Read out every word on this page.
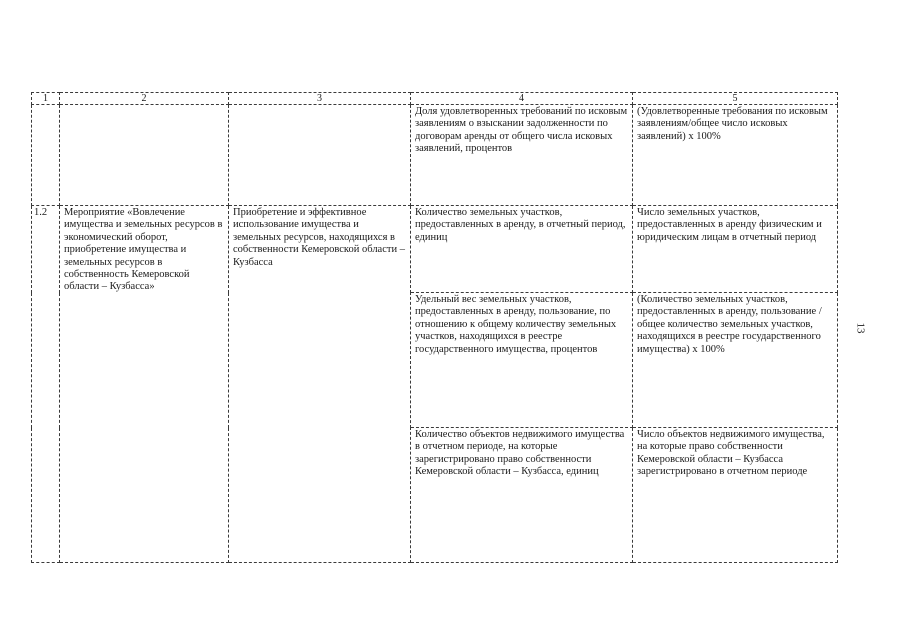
1	2	3	4	5
			Доля удовлетворенных требований по исковым заявлениям о взыскании задолженности по договорам аренды от общего числа исковых заявлений, процентов	(Удовлетворенные требования по исковым заявлениям/общее число исковых заявлений) х 100%
1.2	Мероприятие «Вовлечение имущества и земельных ресурсов в экономический оборот, приобретение имущества и земельных ресурсов в собственность Кемеровской области – Кузбасса»	Приобретение и эффективное использование имущества и земельных ресурсов, находящихся в собственности Кемеровской области – Кузбасса	Количество земельных участков, предоставленных в аренду, в отчетный период, единиц	Число земельных участков, предоставленных в аренду физическим и юридическим лицам в отчетный период
			Удельный вес земельных участков, предоставленных в аренду, пользование, по отношению к общему количеству земельных участков, находящихся в реестре государственного имущества, процентов	(Количество земельных участков, предоставленных в аренду, пользование / общее количество земельных участков, находящихся в реестре государственного имущества) х 100%
			Количество объектов недвижимого имущества в отчетном периоде, на которые зарегистрировано право собственности Кемеровской области – Кузбасса, единиц	Число объектов недвижимого имущества, на которые право собственности Кемеровской области – Кузбасса зарегистрировано в отчетном периоде
13
